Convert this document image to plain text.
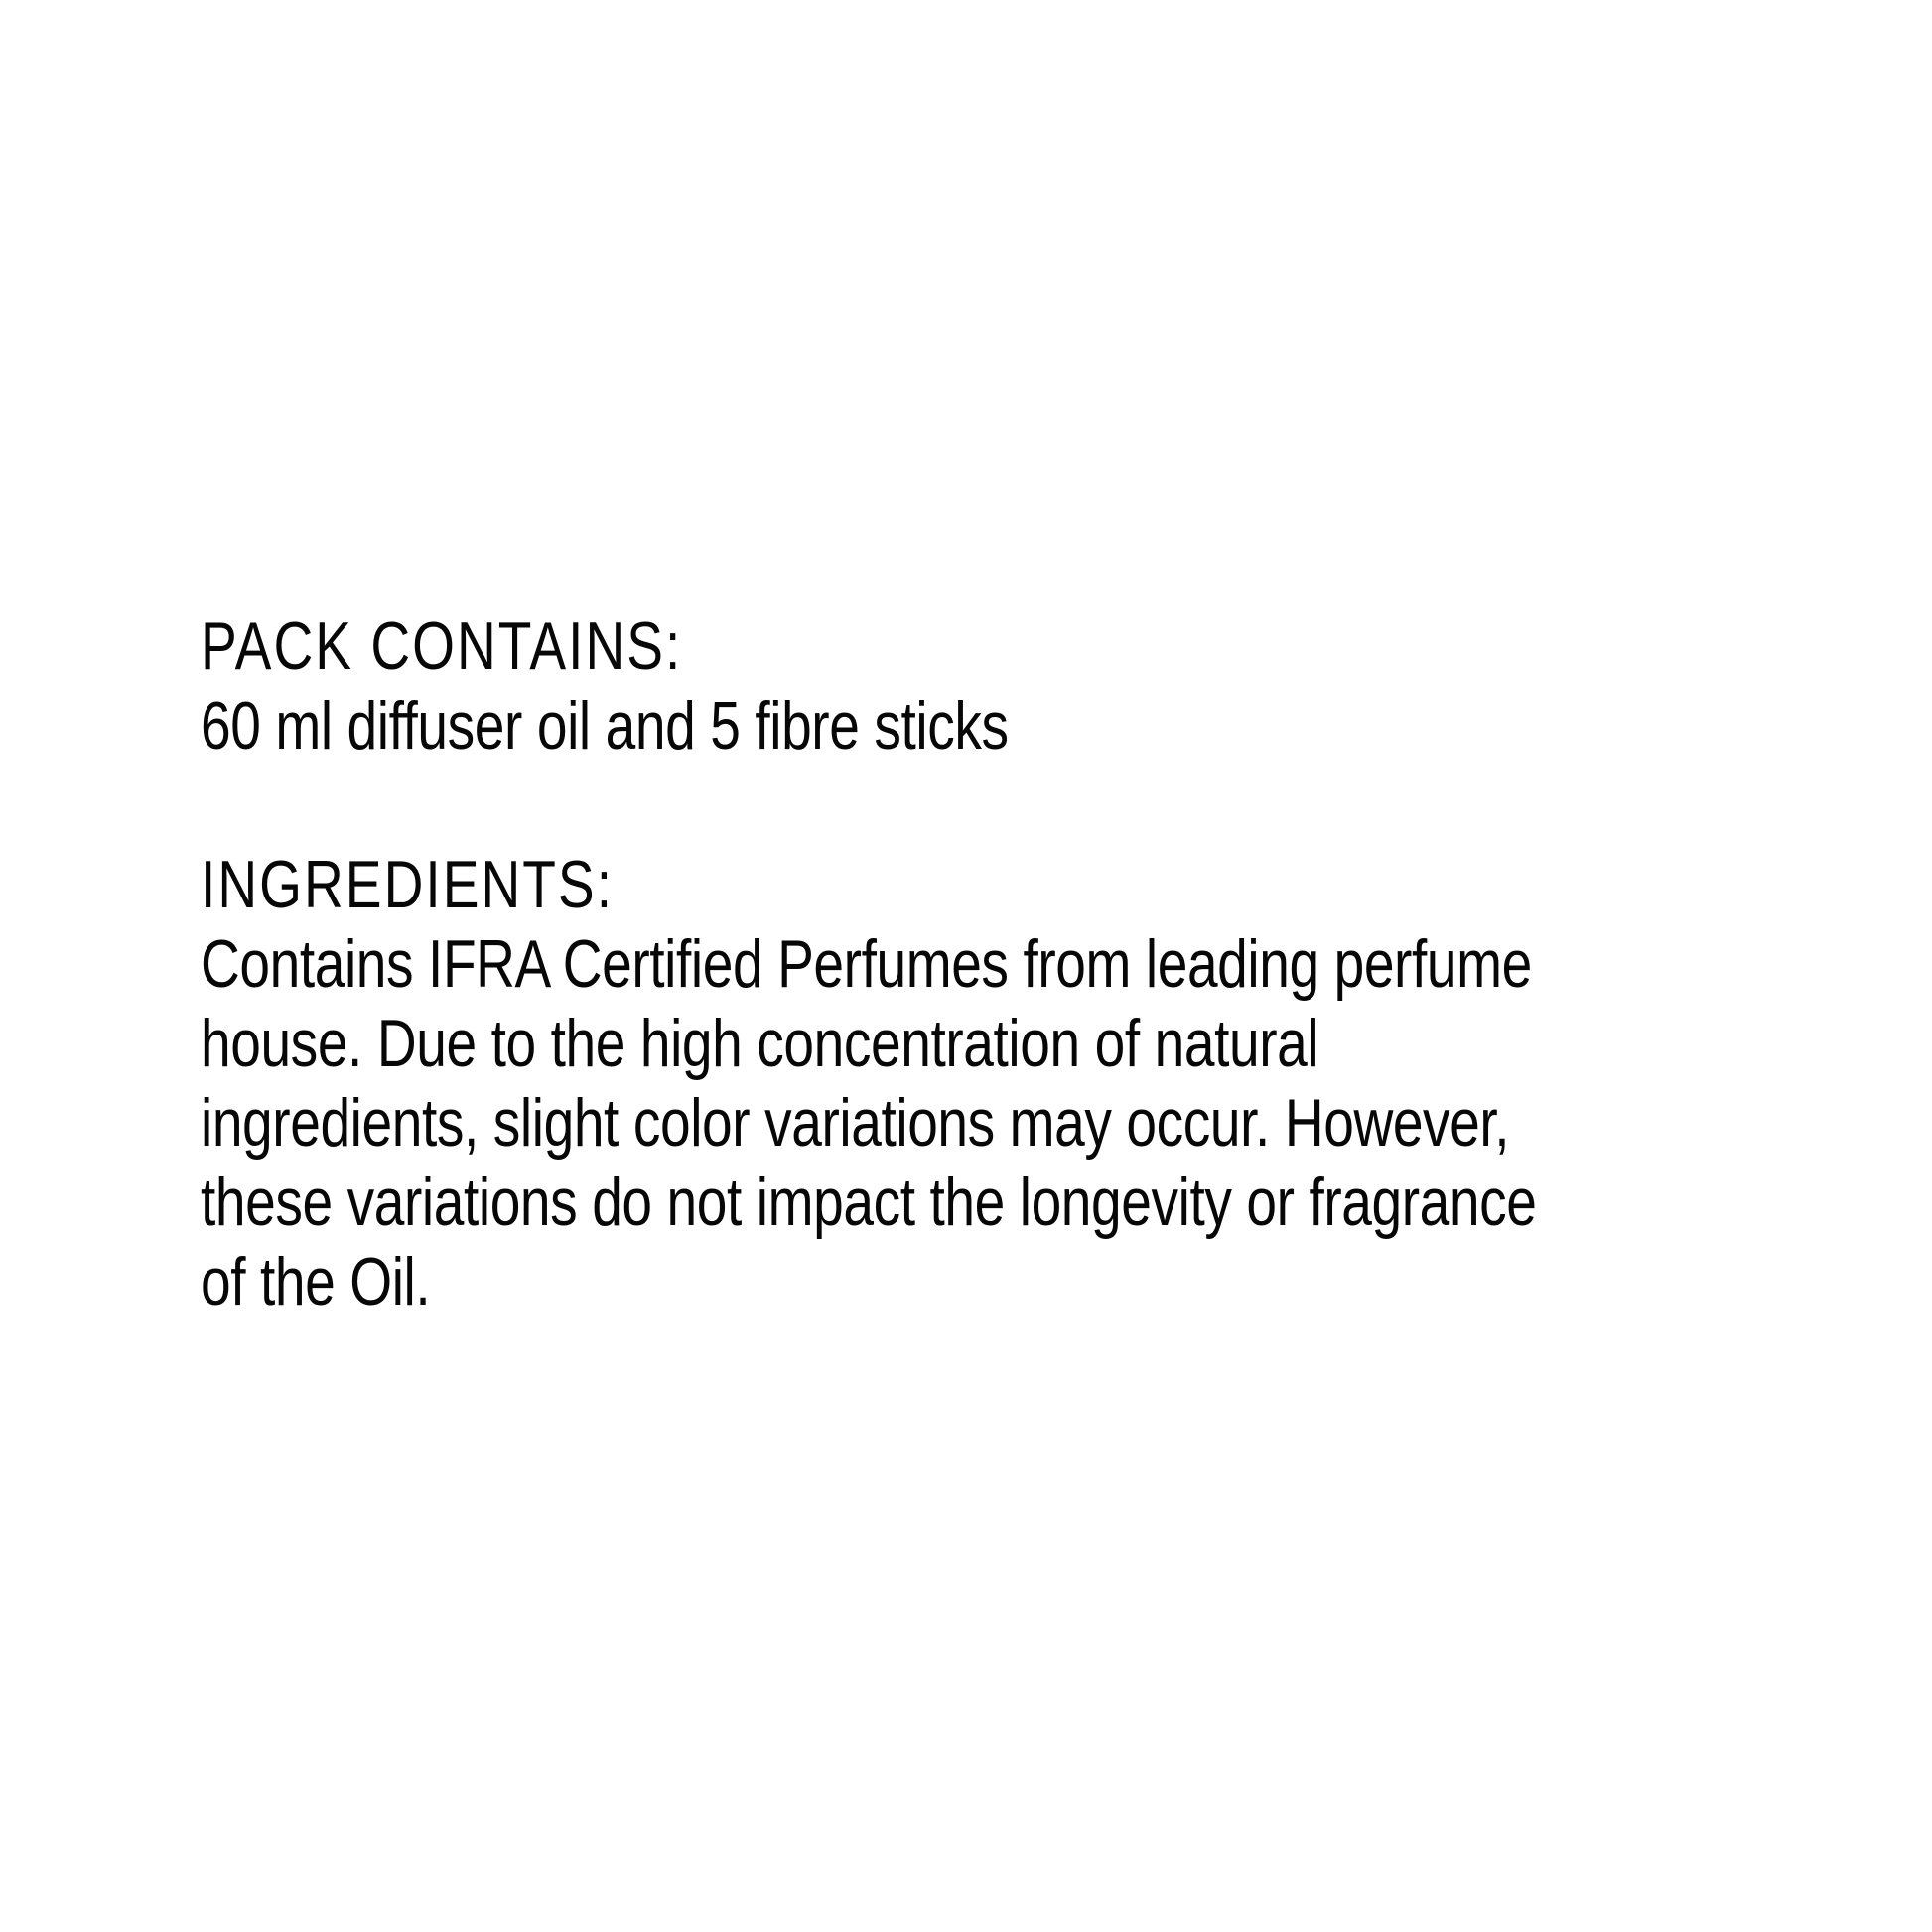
PACK CONTAINS:
60 ml diffuser oil and 5 fibre sticks
INGREDIENTS:
Contains IFRA Certified Perfumes from leading perfume
house. Due to the high concentration of natural
ingredients, slight color variations may occur. However,
these variations do not impact the longevity or fragrance
of the Oil.
